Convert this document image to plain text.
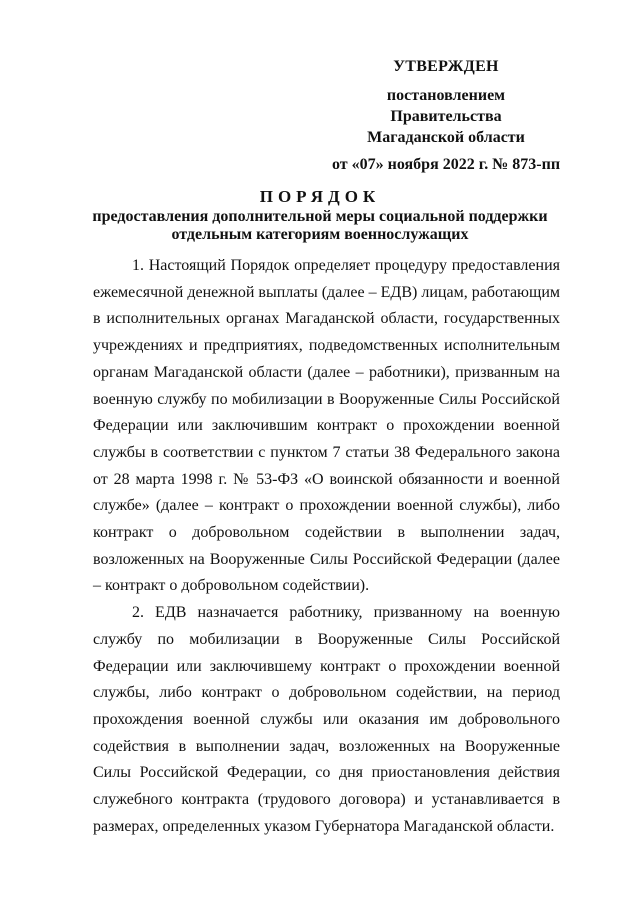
УТВЕРЖДЕН
постановлением Правительства
Магаданской области
от «07» ноября 2022 г. № 873-пп
ПОРЯДОК
предоставления дополнительной меры социальной поддержки
отдельным категориям военнослужащих

1. Настоящий Порядок определяет процедуру предоставления ежемесячной денежной выплаты (далее – ЕДВ) лицам, работающим в исполнительных органах Магаданской области, государственных учреждениях и предприятиях, подведомственных исполнительным органам Магаданской области (далее – работники), призванным на военную службу по мобилизации в Вооруженные Силы Российской Федерации или заключившим контракт о прохождении военной службы в соответствии с пунктом 7 статьи 38 Федерального закона от 28 марта 1998 г. № 53-ФЗ «О воинской обязанности и военной службе» (далее – контракт о прохождении военной службы), либо контракт о добровольном содействии в выполнении задач, возложенных на Вооруженные Силы Российской Федерации (далее – контракт о добровольном содействии).

2. ЕДВ назначается работнику, призванному на военную службу по мобилизации в Вооруженные Силы Российской Федерации или заключившему контракт о прохождении военной службы, либо контракт о добровольном содействии, на период прохождения военной службы или оказания им добровольного содействия в выполнении задач, возложенных на Вооруженные Силы Российской Федерации, со дня приостановления действия служебного контракта (трудового договора) и устанавливается в размерах, определенных указом Губернатора Магаданской области.
